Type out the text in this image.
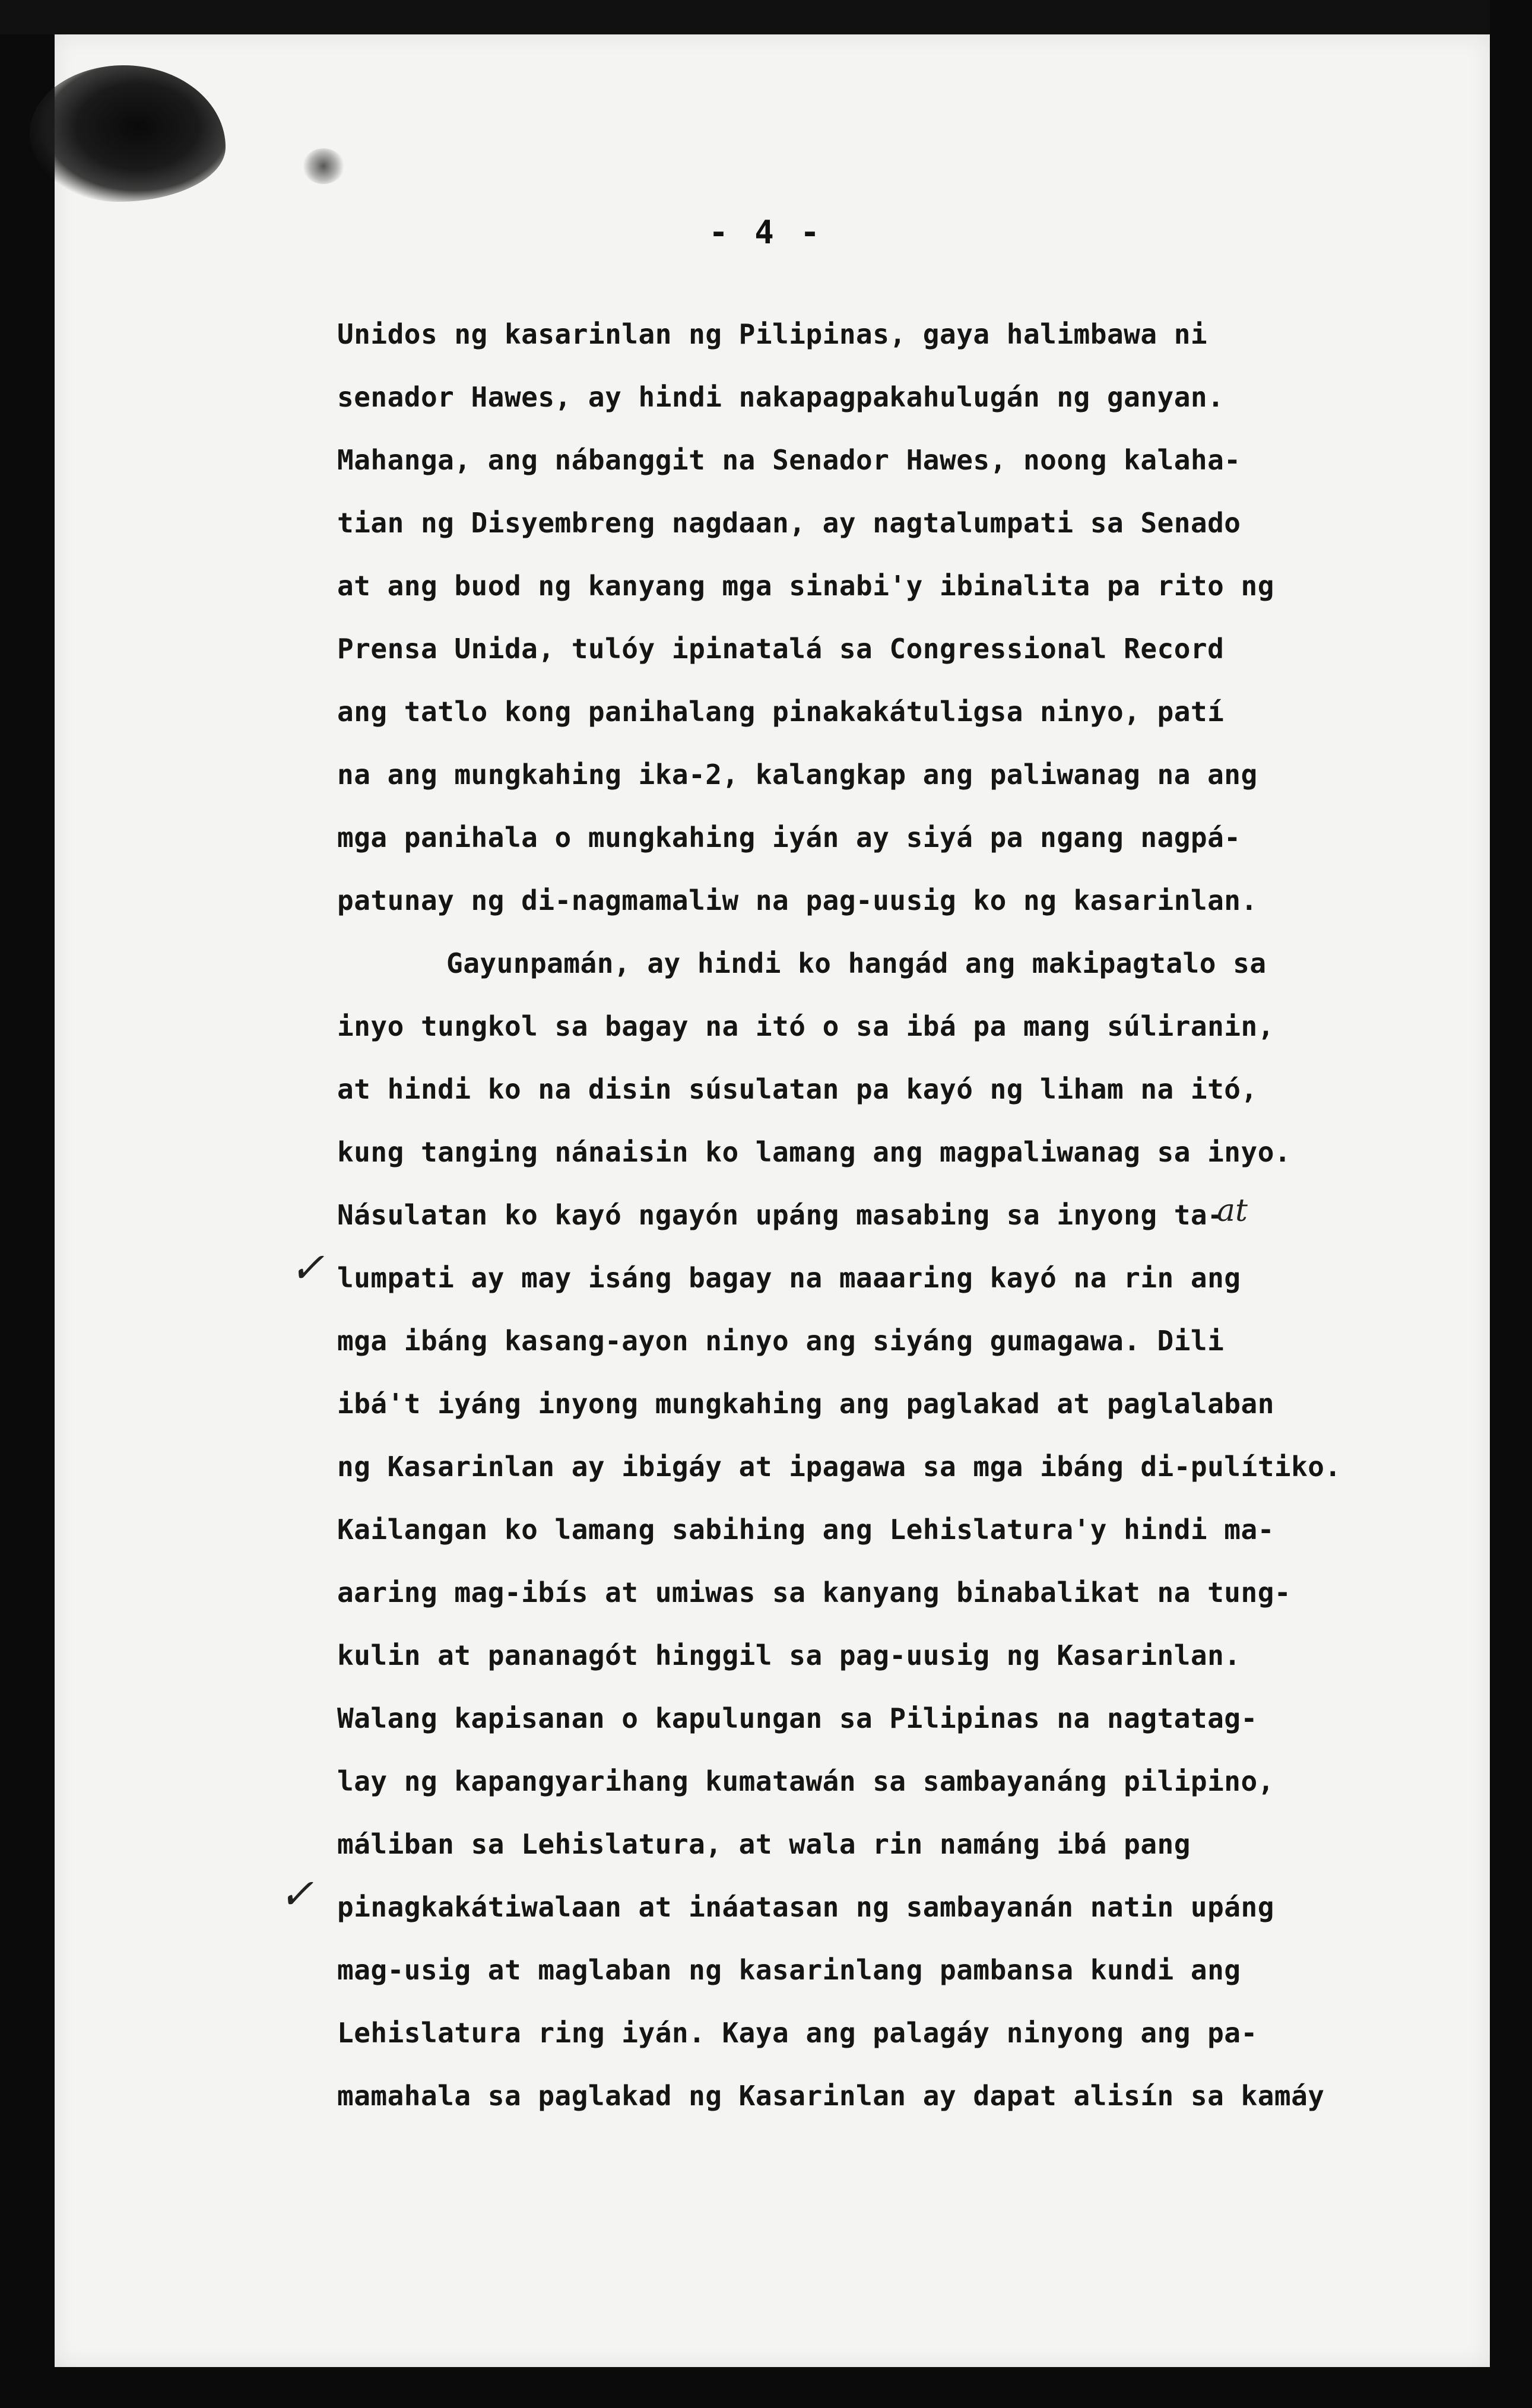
- 4 -
Unidos ng kasarinlan ng Pilipinas, gaya halimbawa ni
senador Hawes, ay hindi nakapagpakahulugán ng ganyan.
Mahanga, ang nábanggit na Senador Hawes, noong kalaha-
tian ng Disyembreng nagdaan, ay nagtalumpati sa Senado
at ang buod ng kanyang mga sinabi'y ibinalita pa rito ng
Prensa Unida, tulóy ipinatalá sa Congressional Record
ang tatlo kong panihalang pinakakátuligsa ninyo, patí
na ang mungkahing ika-2, kalangkap ang paliwanag na ang
mga panihala o mungkahing iyán ay siyá pa ngang nagpá-
patunay ng di-nagmamaliw na pag-uusig ko ng kasarinlan.
Gayunpamán, ay hindi ko hangád ang makipagtalo sa
inyo tungkol sa bagay na itó o sa ibá pa mang súliranin,
at hindi ko na disin súsulatan pa kayó ng liham na itó,
kung tanging nánaisin ko lamang ang magpaliwanag sa inyo.
Násulatan ko kayó ngayón upáng masabing sa inyong ta-
lumpati ay may isáng bagay na maaaring kayó na rin ang
mga ibáng kasang-ayon ninyo ang siyáng gumagawa. Dili
ibá't iyáng inyong mungkahing ang paglakad at paglalaban
ng Kasarinlan ay ibigáy at ipagawa sa mga ibáng di-pulítiko.
Kailangan ko lamang sabihing ang Lehislatura'y hindi ma-
aaring mag-ibís at umiwas sa kanyang binabalikat na tung-
kulin at pananagót hinggil sa pag-uusig ng Kasarinlan.
Walang kapisanan o kapulungan sa Pilipinas na nagtatag-
lay ng kapangyarihang kumatawán sa sambayanáng pilipino,
máliban sa Lehislatura, at wala rin namáng ibá pang
pinagkakátiwalaan at ináatasan ng sambayanán natin upáng
mag-usig at maglaban ng kasarinlang pambansa kundi ang
Lehislatura ring iyán. Kaya ang palagáy ninyong ang pa-
mamahala sa paglakad ng Kasarinlan ay dapat alisín sa kamáy
✓
✓
at
